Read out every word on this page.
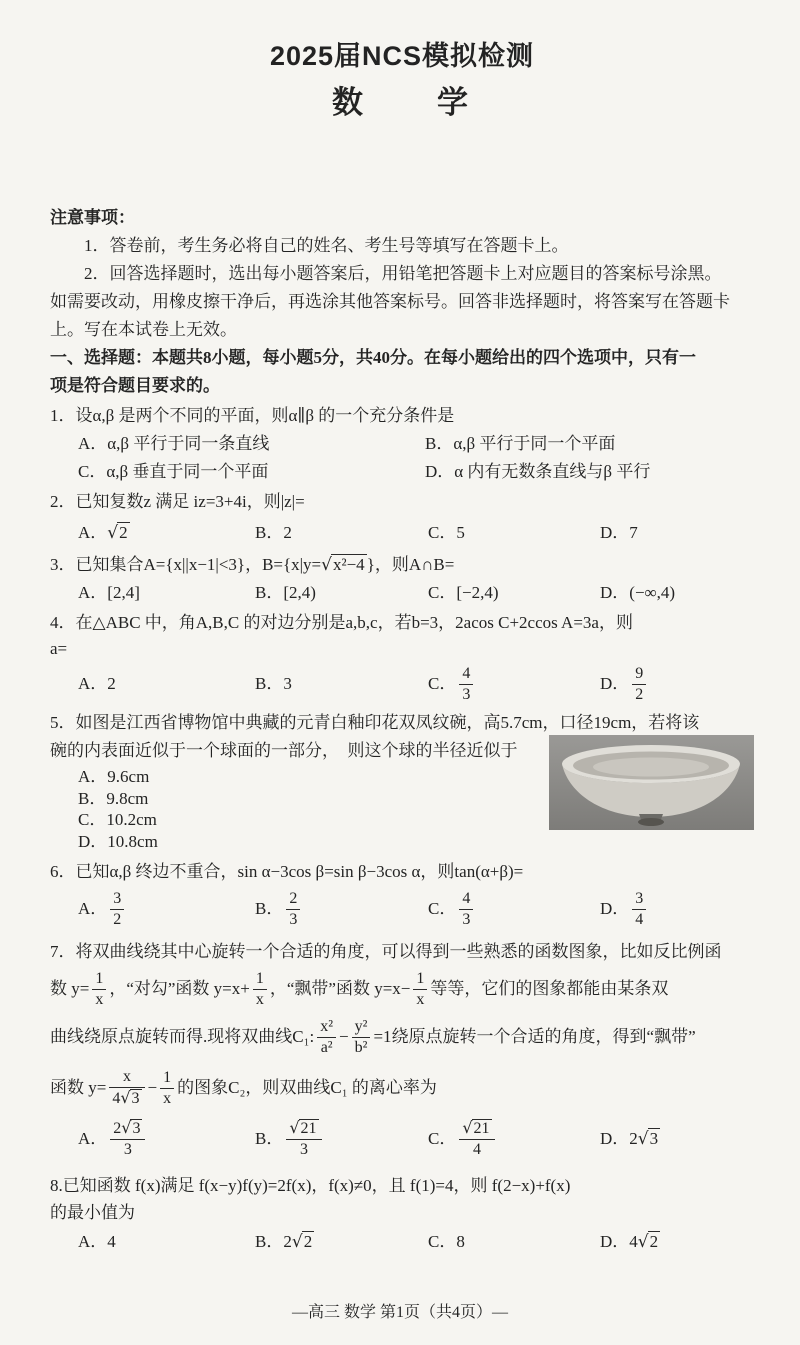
2025届NCS模拟检测
数　　学
注意事项：
1．答卷前，考生务必将自己的姓名、考生号等填写在答题卡上。
2．回答选择题时，选出每小题答案后，用铅笔把答题卡上对应题目的答案标号涂黑。
如需要改动，用橡皮擦干净后，再选涂其他答案标号。回答非选择题时，将答案写在答题卡
上。写在本试卷上无效。
一、选择题：本题共8小题，每小题5分，共40分。在每小题给出的四个选项中，只有一
项是符合题目要求的。
1．设α,β 是两个不同的平面，则α∥β 的一个充分条件是
A．α,β 平行于同一条直线	B．α,β 平行于同一个平面
C．α,β 垂直于同一个平面	D．α 内有无数条直线与β 平行
2．已知复数z 满足 iz=3+4i，则|z|=
A． √2	B．2	C．5	D．7
3．已知集合A={x||x−1|<3}，B={x|y=√x²−4 }，则A∩B=
A．[2,4]	B．[2,4)	C．[−2,4)	D．(−∞,4)
4．在△ABC 中，角A,B,C 的对边分别是a,b,c，若b=3，2acos C+2ccos A=3a，则
a=
A．2	B．3	C． $\frac{4}{3}$	D． $\frac{9}{2}$
5．如图是江西省博物馆中典藏的元青白釉印花双凤纹碗，高5.7cm，口径19cm，若将该
碗的内表面近似于一个球面的一部分，　则这个球的半径近似于
A．9.6cm
B．9.8cm
C．10.2cm
D．10.8cm
6．已知α,β 终边不重合，sin α−3cos β=sin β−3cos α，则tan(α+β)=
A． $\frac{3}{2}$	B． $\frac{2}{3}$	C． $\frac{4}{3}$	D． $\frac{3}{4}$
7．将双曲线绕其中心旋转一个合适的角度，可以得到一些熟悉的函数图象，比如反比例函
数 $y= \frac{1}{x}$ ，“对勾”函数 $y=x+ \frac{1}{x}$ ，“飘带”函数 $y=x- \frac{1}{x}$ 等等，它们的图象都能由某条双
曲线绕原点旋转而得.现将双曲线C₁: $\frac{\text{x²}}{\text{a²}} - \frac{\text{y²}}{\text{b²}} =1$绕原点旋转一个合适的角度，得到“飘带”
函数 $y= \frac{x}{4√3} - \frac{1}{x}$ 的图象C₂，则双曲线C₁ 的离心率为
A． $\frac{2√3}{3}$	B． $\frac{√21}{3}$	C． $\frac{√21}{4}$	D． 2 √3
8.已知函数 f(x)满足 f(x−y)f(y)=2f(x)，f(x)≠0，且 f(1)=4，则 f(2−x)+f(x)
的最小值为
A．4	B． 2 √2	C．8	D． 4 √2
—高三 数学 第1页（共4页）—
